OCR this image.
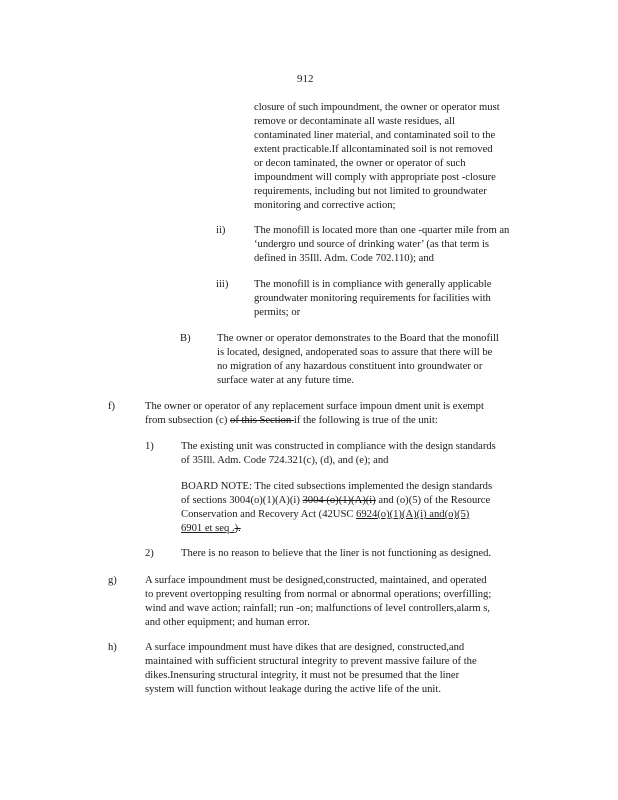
912
closure of such impoundment, the owner or operator must
remove or decontaminate all waste residues, all
contaminated liner material, and contaminated soil to the
extent practicable.If allcontaminated soil is not removed
or decon taminated, the owner or operator of such
impoundment will comply with appropriate post -closure
requirements, including but not limited to groundwater
monitoring and corrective action;
ii)	The monofill is located more than one -quarter mile from an
‘undergro und source of drinking water’ (as that term is
defined in 35Ill. Adm. Code 702.110); and
iii) The monofill is in compliance with generally applicable
groundwater monitoring requirements for facilities with
permits; or
B) The owner or operator demonstrates to the Board that the monofill
is located, designed, andoperated soas to assure that there will be
no migration of any hazardous constituent into groundwater or
surface water at any future time.
f)	The owner or operator of any replacement surface impoun dment unit is exempt
from subsection (c) of this Section if the following is true of the unit:
1)	The existing unit was constructed in compliance with the design standards
of 35Ill. Adm. Code 724.321(c), (d), and (e); and
BOARD NOTE: The cited subsections implemented the design standards
of sections 3004(o)(1)(A)(i) 3004 (o)(1)(A)(i) and (o)(5) of the Resource
Conservation and Recovery Act (42USC 6924(o)(1)(A)(i) and(o)(5)
6901 et seq .).
2)	There is no reason to believe that the liner is not functioning as designed.
g)	A surface impoundment must be designed,constructed, maintained, and operated
to prevent overtopping resulting from normal or abnormal operations; overfilling;
wind and wave action; rainfall; run -on; malfunctions of level controllers,alarm s,
and other equipment; and human error.
h)	A surface impoundment must have dikes that are designed, constructed,and
maintained with sufficient structural integrity to prevent massive failure of the
dikes.Inensuring structural integrity, it must not be presumed that the liner
system will function without leakage during the active life of the unit.
